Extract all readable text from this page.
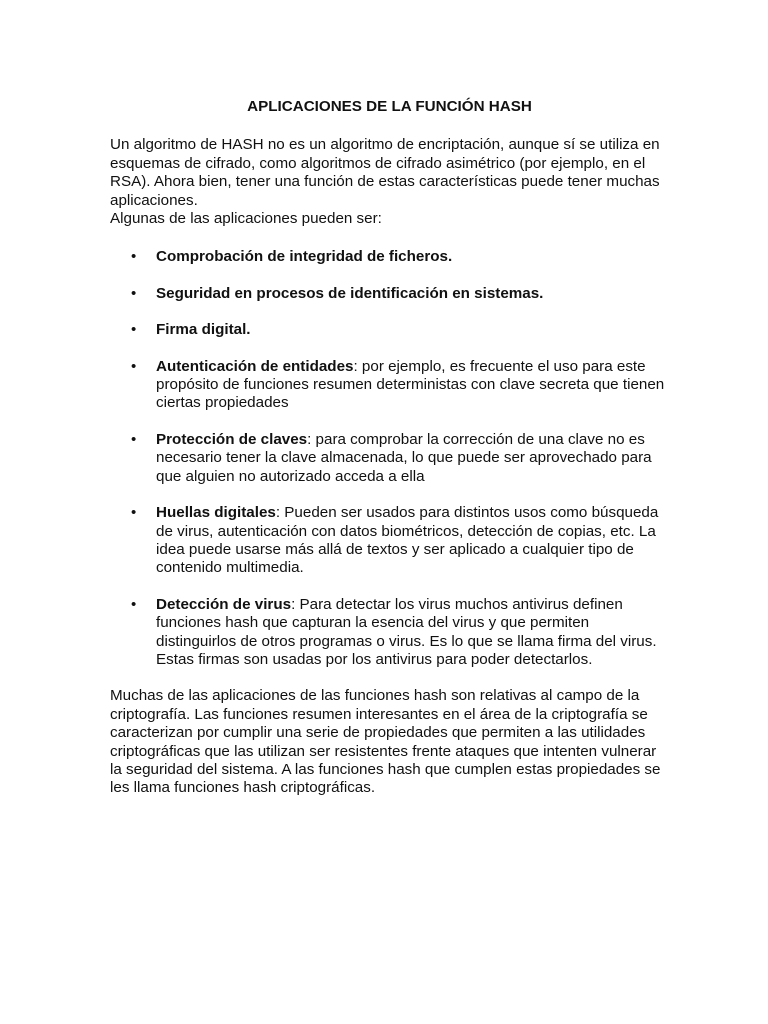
APLICACIONES DE LA FUNCIÓN HASH

Un algoritmo de HASH no es un algoritmo de encriptación, aunque sí se utiliza en esquemas de cifrado, como algoritmos de cifrado asimétrico (por ejemplo, en el RSA). Ahora bien, tener una función de estas características puede tener muchas aplicaciones.

Algunas de las aplicaciones pueden ser:

• Comprobación de integridad de ficheros.
• Seguridad en procesos de identificación en sistemas.
• Firma digital.
• Autenticación de entidades: por ejemplo, es frecuente el uso para este propósito de funciones resumen deterministas con clave secreta que tienen ciertas propiedades
• Protección de claves: para comprobar la corrección de una clave no es necesario tener la clave almacenada, lo que puede ser aprovechado para que alguien no autorizado acceda a ella
• Huellas digitales: Pueden ser usados para distintos usos como búsqueda de virus, autenticación con datos biométricos, detección de copias, etc. La idea puede usarse más allá de textos y ser aplicado a cualquier tipo de contenido multimedia.
• Detección de virus: Para detectar los virus muchos antivirus definen funciones hash que capturan la esencia del virus y que permiten distinguirlos de otros programas o virus. Es lo que se llama firma del virus. Estas firmas son usadas por los antivirus para poder detectarlos.

Muchas de las aplicaciones de las funciones hash son relativas al campo de la criptografía. Las funciones resumen interesantes en el área de la criptografía se caracterizan por cumplir una serie de propiedades que permiten a las utilidades criptográficas que las utilizan ser resistentes frente ataques que intenten vulnerar la seguridad del sistema. A las funciones hash que cumplen estas propiedades se les llama funciones hash criptográficas.
